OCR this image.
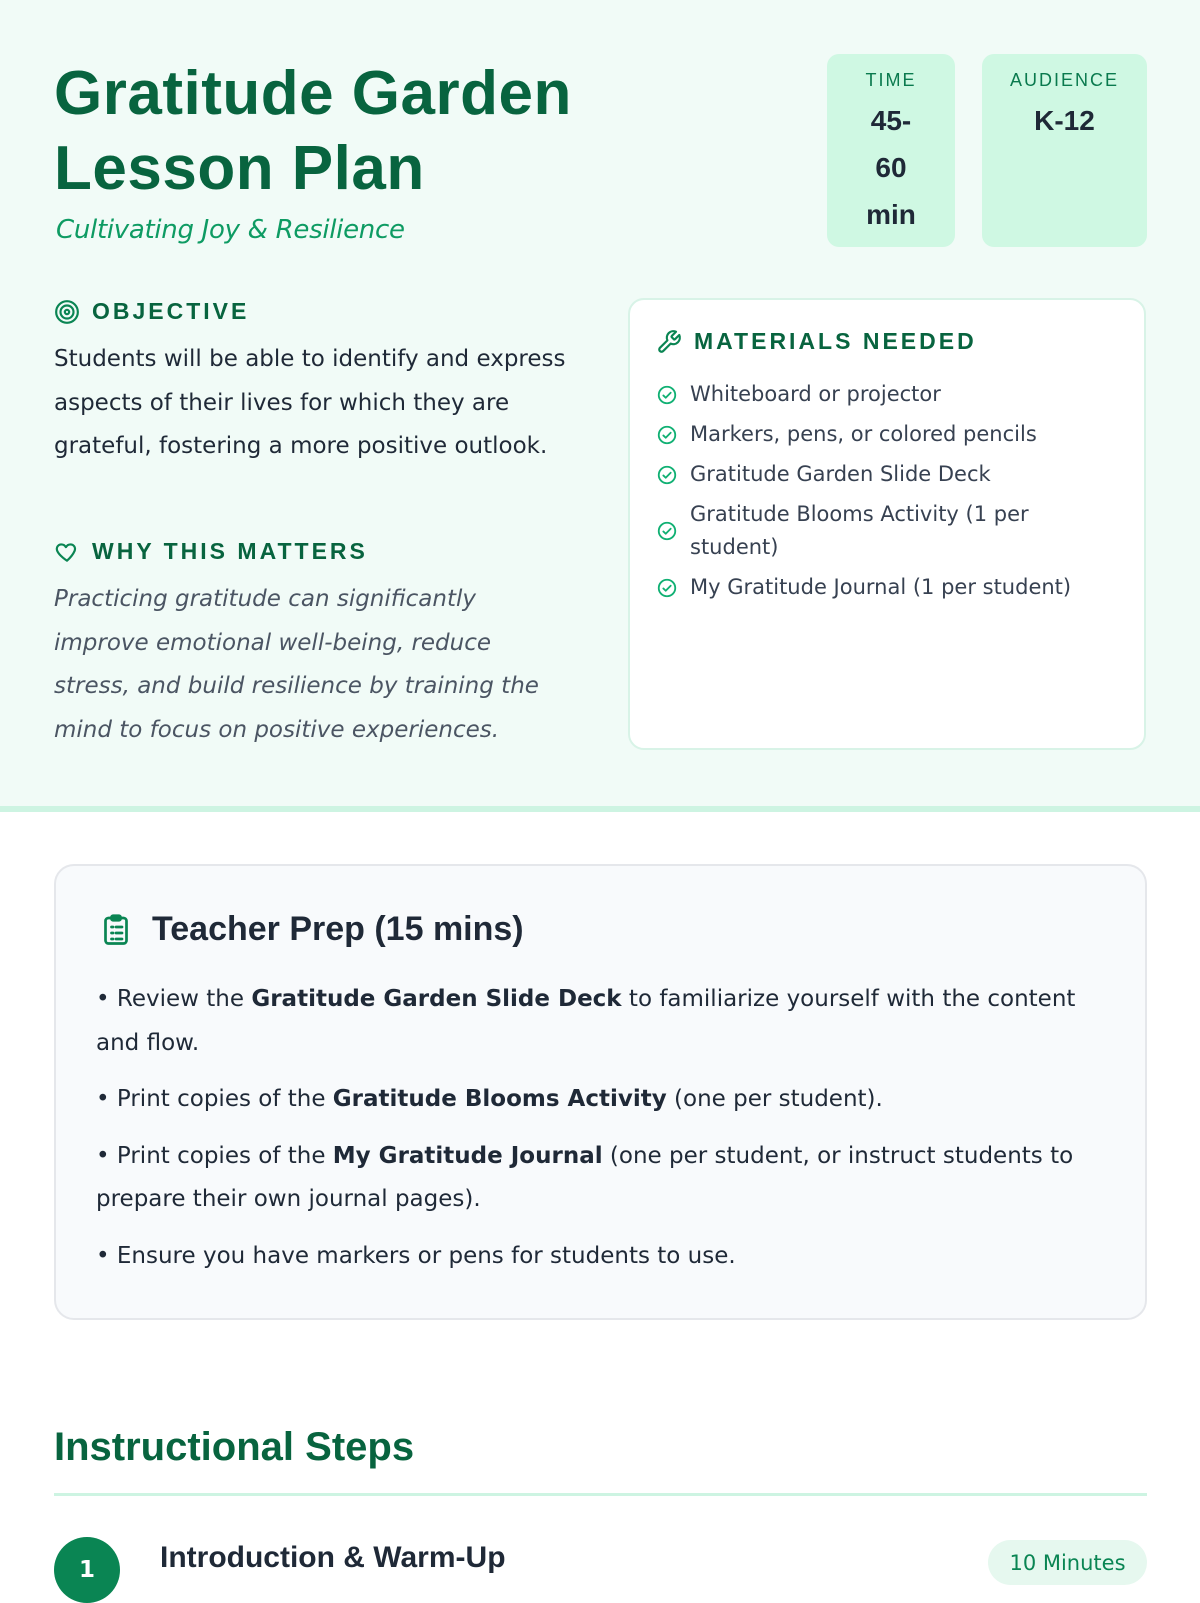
Gratitude Garden Lesson Plan

Cultivating Joy & Resilience

TIME
45-60 min
AUDIENCE
K-12
OBJECTIVE

Students will be able to identify and express aspects of their lives for which they are grateful, fostering a more positive outlook.

WHY THIS MATTERS

Practicing gratitude can significantly improve emotional well-being, reduce stress, and build resilience by training the mind to focus on positive experiences.

MATERIALS NEEDED
Whiteboard or projector
Markers, pens, or colored pencils
Gratitude Garden Slide Deck
Gratitude Blooms Activity (1 per student)
My Gratitude Journal (1 per student)
Teacher Prep (15 mins)
• Review the Gratitude Garden Slide Deck to familiarize yourself with the content and flow.
• Print copies of the Gratitude Blooms Activity (one per student).
• Print copies of the My Gratitude Journal (one per student, or instruct students to prepare their own journal pages).
• Ensure you have markers or pens for students to use.
Instructional Steps
1	Introduction & Warm-Up	10 Minutes
